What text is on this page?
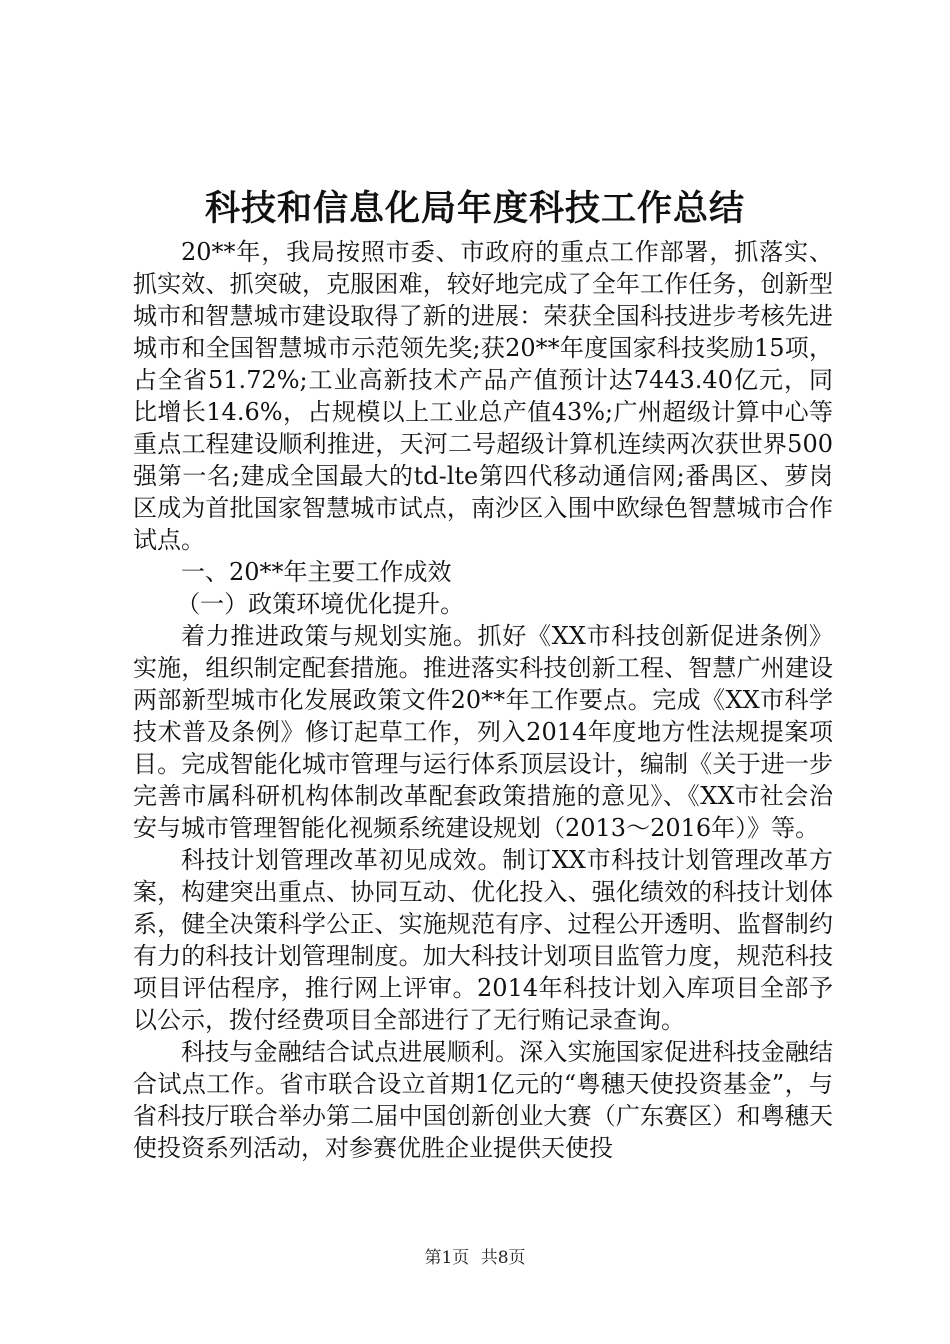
科技和信息化局年度科技工作总结

20**年，我局按照市委、市政府的重点工作部署，抓落实、抓实效、抓突破，克服困难，较好地完成了全年工作任务，创新型城市和智慧城市建设取得了新的进展：荣获全国科技进步考核先进城市和全国智慧城市示范领先奖;获20**年度国家科技奖励15项，占全省51.72%;工业高新技术产品产值预计达7443.40亿元，同比增长14.6%，占规模以上工业总产值43%;广州超级计算中心等重点工程建设顺利推进，天河二号超级计算机连续两次获世界500强第一名;建成全国最大的td-lte第四代移动通信网;番禺区、萝岗区成为首批国家智慧城市试点，南沙区入围中欧绿色智慧城市合作试点。

一、20**年主要工作成效

（一）政策环境优化提升。

着力推进政策与规划实施。抓好《XX市科技创新促进条例》实施，组织制定配套措施。推进落实科技创新工程、智慧广州建设两部新型城市化发展政策文件20**年工作要点。完成《XX市科学技术普及条例》修订起草工作，列入2014年度地方性法规提案项目。完成智能化城市管理与运行体系顶层设计，编制《关于进一步完善市属科研机构体制改革配套政策措施的意见》、《XX市社会治安与城市管理智能化视频系统建设规划（2013～2016年）》等。

科技计划管理改革初见成效。制订XX市科技计划管理改革方案，构建突出重点、协同互动、优化投入、强化绩效的科技计划体系，健全决策科学公正、实施规范有序、过程公开透明、监督制约有力的科技计划管理制度。加大科技计划项目监管力度，规范科技项目评估程序，推行网上评审。2014年科技计划入库项目全部予以公示，拨付经费项目全部进行了无行贿记录查询。

科技与金融结合试点进展顺利。深入实施国家促进科技金融结合试点工作。省市联合设立首期1亿元的“粤穗天使投资基金”，与省科技厅联合举办第二届中国创新创业大赛（广东赛区）和粤穗天使投资系列活动，对参赛优胜企业提供天使投

第1页 共8页
